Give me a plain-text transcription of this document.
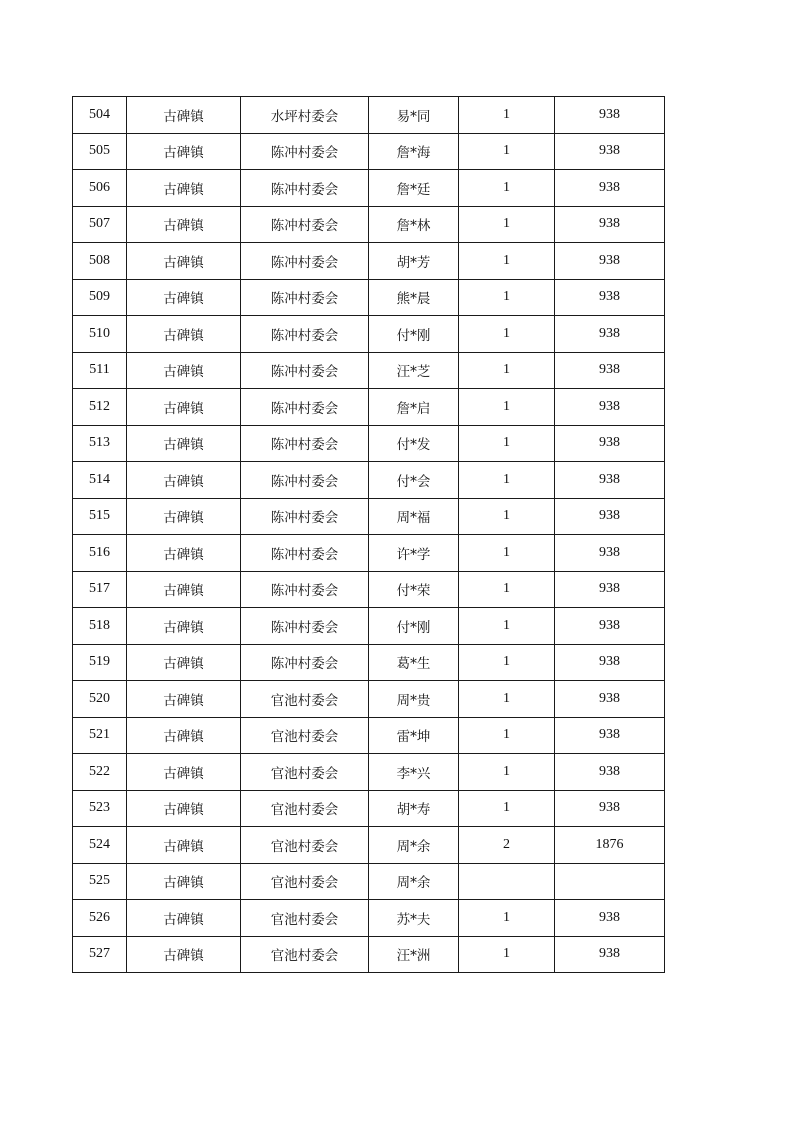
504	古碑镇	水坪村委会	易*同	1	938
505	古碑镇	陈冲村委会	詹*海	1	938
506	古碑镇	陈冲村委会	詹*廷	1	938
507	古碑镇	陈冲村委会	詹*林	1	938
508	古碑镇	陈冲村委会	胡*芳	1	938
509	古碑镇	陈冲村委会	熊*晨	1	938
510	古碑镇	陈冲村委会	付*刚	1	938
511	古碑镇	陈冲村委会	汪*芝	1	938
512	古碑镇	陈冲村委会	詹*启	1	938
513	古碑镇	陈冲村委会	付*发	1	938
514	古碑镇	陈冲村委会	付*会	1	938
515	古碑镇	陈冲村委会	周*福	1	938
516	古碑镇	陈冲村委会	许*学	1	938
517	古碑镇	陈冲村委会	付*荣	1	938
518	古碑镇	陈冲村委会	付*刚	1	938
519	古碑镇	陈冲村委会	葛*生	1	938
520	古碑镇	官池村委会	周*贵	1	938
521	古碑镇	官池村委会	雷*坤	1	938
522	古碑镇	官池村委会	李*兴	1	938
523	古碑镇	官池村委会	胡*寿	1	938
524	古碑镇	官池村委会	周*余	2	1876
525	古碑镇	官池村委会	周*余		
526	古碑镇	官池村委会	苏*夫	1	938
527	古碑镇	官池村委会	汪*洲	1	938
